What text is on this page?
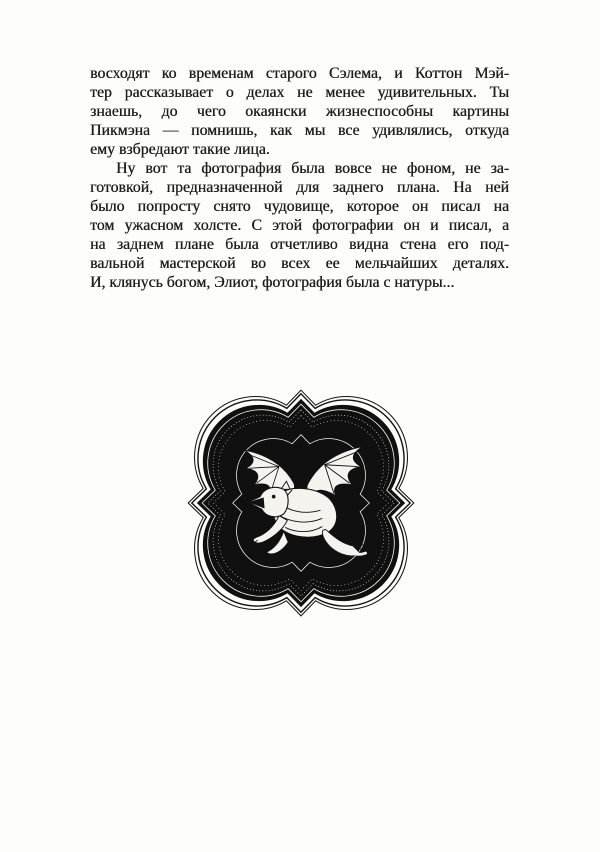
восходят ко временам старого Сэлема, и Коттон Мэй-
тер рассказывает о делах не менее удивительных. Ты
знаешь, до чего окаянски жизнеспособны картины
Пикмэна — помнишь, как мы все удивлялись, откуда
ему взбредают такие лица.
Ну вот та фотография была вовсе не фоном, не за-
готовкой, предназначенной для заднего плана. На ней
было попросту снято чудовище, которое он писал на
том ужасном холсте. С этой фотографии он и писал, а
на заднем плане была отчетливо видна стена его под-
вальной мастерской во всех ее мельчайших деталях.
И, клянусь богом, Элиот, фотография была с натуры...
